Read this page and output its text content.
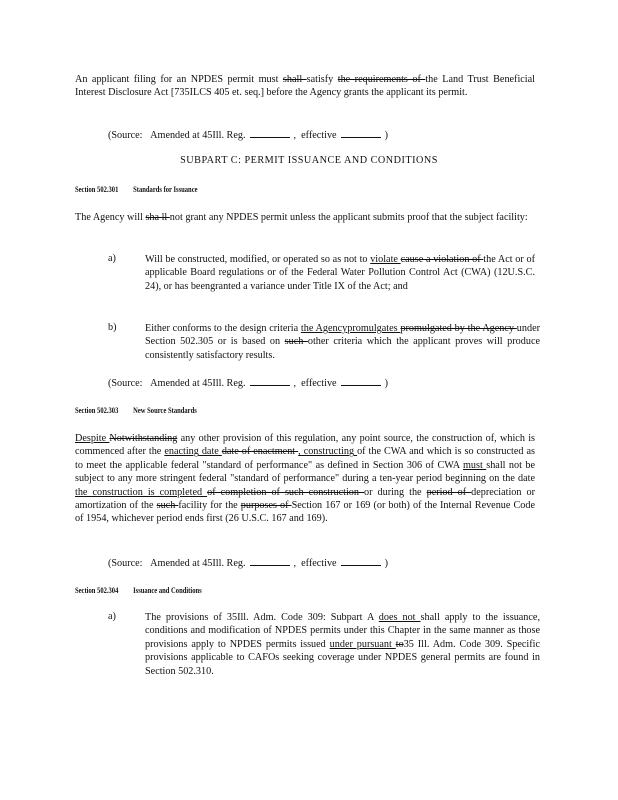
An applicant filing for an NPDES permit must shall satisfy the requirements of the Land Trust Beneficial Interest Disclosure Act [735ILCS 405 et. seq.] before the Agency grants the applicant its permit.
(Source: Amended at 45Ill. Reg.	,  effective	)
SUBPART C: PERMIT ISSUANCE AND CONDITIONS
Section 502.301 Standards for Issuance
The Agency will sha ll not grant any NPDES permit unless the applicant submits proof that the subject facility:
a)	Will be constructed, modified, or operated so as not to violate cause a violation of the Act or of applicable Board regulations or of the Federal Water Pollution Control Act (CWA) (12U.S.C. 24), or has beengranted a variance under Title IX of the Act; and
b)	Either conforms to the design criteria the Agencypromulgates promulgated by the Agency under Section 502.305 or is based on such other criteria which the applicant proves will produce consistently satisfactory results.
(Source: Amended at 45Ill. Reg.	,  effective	)
Section 502.303 New Source Standards
Despite Notwithstanding any other provision of this regulation, any point source, the construction of, which is commenced after the enacting date date of enactment , constructing of the CWA and which is so constructed as to meet the applicable federal "standard of performance" as defined in Section 306 of CWA must shall not be subject to any more stringent federal "standard of performance" during a ten-year period beginning on the date the construction is completed of completion of such construction or during the period of depreciation or amortization of the such facility for the purposes of Section 167 or 169 (or both) of the Internal Revenue Code of 1954, whichever period ends first (26 U.S.C. 167 and 169).
(Source: Amended at 45Ill. Reg.	,  effective	)
Section 502.304 Issuance and Conditions
a)	The provisions of 35Ill. Adm. Code 309: Subpart A does not shall apply to the issuance, conditions and modification of NPDES permits under this Chapter in the same manner as those provisions apply to NPDES permits issued under pursuant to35 Ill. Adm. Code 309. Specific provisions applicable to CAFOs seeking coverage under NPDES general permits are found in Section 502.310.
